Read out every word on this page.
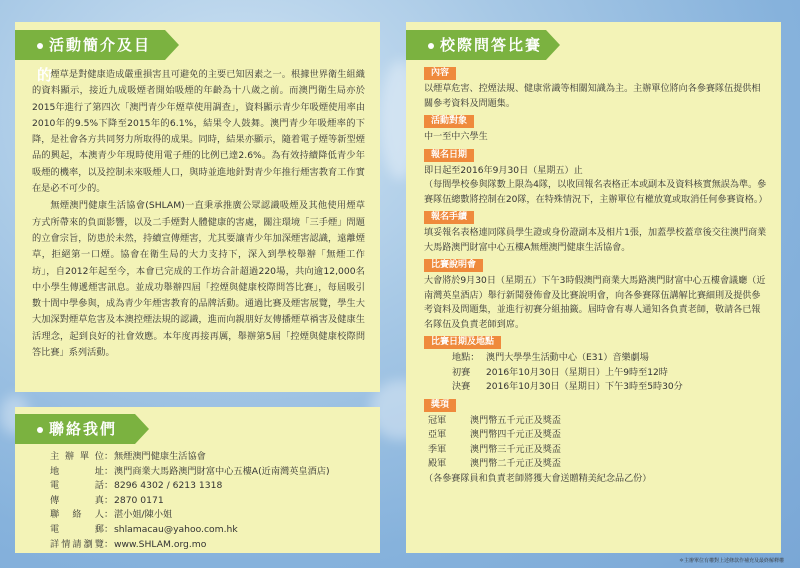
活動簡介及目的

煙草是對健康造成嚴重損害且可避免的主要已知因素之一。根據世界衛生組織的資料顯示，接近九成吸煙者開始吸煙的年齡為十八歲之前。而澳門衛生局亦於2015年進行了第四次「澳門青少年煙草使用調查」，資料顯示青少年吸煙使用率由2010年的9.5%下降至2015年的6.1%，結果令人鼓舞。澳門青少年吸煙率的下降，是社會各方共同努力所取得的成果。同時，結果亦顯示，隨着電子煙等新型煙品的興起，本澳青少年現時使用電子煙的比例已達2.6%。為有效持續降低青少年吸煙的機率，以及控制未來吸煙人口，與時並進地針對青少年推行煙害教育工作實在是必不可少的。

無煙澳門健康生活協會(SHLAM)一直秉承推廣公眾認識吸煙及其他使用煙草方式所帶來的負面影響，以及二手煙對人體健康的害處，關注環境「三手煙」問題的立會宗旨，防患於未然，持續宣傳煙害，尤其要讓青少年加深煙害認識，遠離煙草，拒絕第一口煙。協會在衛生局的大力支持下，深入到學校舉辦「無煙工作坊」，自2012年起至今，本會已完成的工作坊合計超過220場，共向逾12,000名中小學生傳遞煙害訊息。並成功舉辦四屆「控煙與健康校際問答比賽」，每屆吸引數十間中學參與，成為青少年煙害教育的品牌活動。通過比賽及煙害展覽，學生大大加深對煙草危害及本澳控煙法規的認識，進而向親朋好友傳播煙草禍害及健康生活理念，起到良好的社會效應。本年度再接再厲，舉辦第5屆「控煙與健康校際問答比賽」系列活動。

聯絡我們
主辦單位 ： 無煙澳門健康生活協會
地址 ： 澳門商業大馬路澳門財富中心五樓A(近南灣英皇酒店)
電話 ： 8296 4302 / 6213 1318
傳真 ： 2870 0171
聯絡人 ： 湛小姐/陳小姐
電郵 ： shlamacau@yahoo.com.hk
詳情請瀏覽 ： www.SHLAM.org.mo
校際問答比賽
內容
以煙草危害、控煙法規、健康常識等相關知識為主。主辦單位將向各參賽隊伍提供相關參考資料及問題集。
活動對象
中一至中六學生
報名日期
即日起至2016年9月30日（星期五）止
（每間學校參與隊數上限為4隊，以收回報名表格正本或副本及資料核實無誤為準。參賽隊伍總數將控制在20隊，在特殊情況下，主辦單位有權放寬或取消任何參賽資格。）
報名手續
填妥報名表格連同隊員學生證或身份證副本及相片1張，加蓋學校蓋章後交往澳門商業大馬路澳門財富中心五樓A無煙澳門健康生活協會。
比賽說明會
大會將於9月30日（星期五）下午3時假澳門商業大馬路澳門財富中心五樓會議廳（近南灣英皇酒店）舉行新聞發佈會及比賽說明會，向各參賽隊伍講解比賽細則及提供參考資料及問題集，並進行初賽分組抽籤。屆時會有專人通知各負責老師，敬請各已報名隊伍及負責老師到席。
比賽日期及地點
地點： 澳門大學學生活動中心（E31）音樂劇場
初賽	2016年10月30日（星期日）上午9時至12時
決賽	2016年10月30日（星期日）下午3時至5時30分
獎項
冠軍	澳門幣五千元正及獎盃
亞軍	澳門幣四千元正及獎盃
季軍	澳門幣三千元正及獎盃
殿軍	澳門幣二千元正及獎盃
（各參賽隊員和負責老師將獲大會送贈精美紀念品乙份）
＊主辦單位有權對上述條款作補充及最終解釋權
